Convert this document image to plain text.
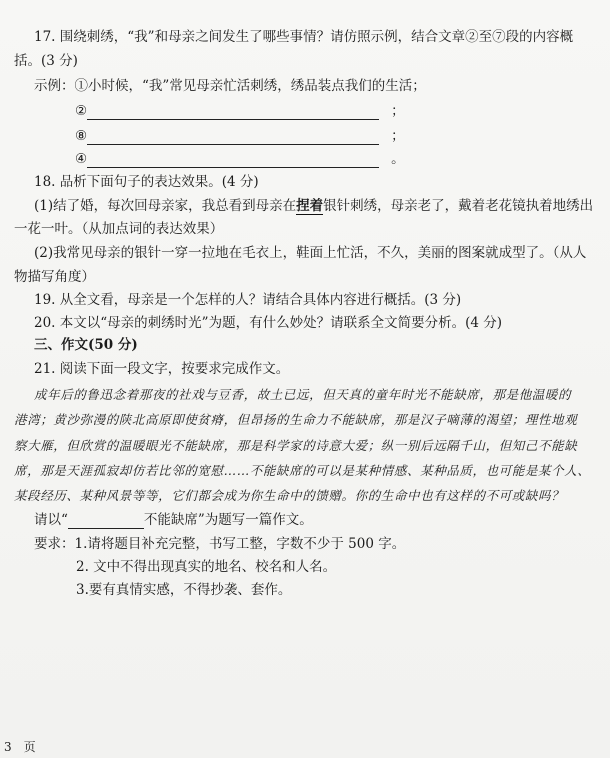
17. 围绕刺绣，“我”和母亲之间发生了哪些事情？请仿照示例，结合文章②至⑦段的内容概
括。(3 分)
示例：①小时候，“我”常见母亲忙活刺绣，绣品装点我们的生活；
②	；
⑧	；
④	。
18. 品析下面句子的表达效果。(4 分)
(1)结了婚，每次回母亲家，我总看到母亲在捏着银针刺绣，母亲老了，戴着老花镜执着地绣出
一花一叶。（从加点词的表达效果）
(2)我常见母亲的银针一穿一拉地在毛衣上，鞋面上忙活，不久，美丽的图案就成型了。（从人
物描写角度）
19. 从全文看，母亲是一个怎样的人？请结合具体内容进行概括。(3 分)
20. 本文以“母亲的刺绣时光”为题，有什么妙处？请联系全文简要分析。(4 分)
三、作文(50 分)
21. 阅读下面一段文字，按要求完成作文。
成年后的鲁迅念着那夜的社戏与豆香，故土已远，但天真的童年时光不能缺席，那是他温暖的
港湾；黄沙弥漫的陕北高原即使贫瘠，但昂扬的生命力不能缺席，那是汉子嘀薄的渴望；理性地观
察大雁，但欣赏的温暖眼光不能缺席，那是科学家的诗意大爱；纵一别后远隔千山，但知己不能缺
席，那是天涯孤寂却仿若比邻的宽慰……不能缺席的可以是某种情感、某种品质，也可能是某个人、
某段经历、某种风景等等，它们都会成为你生命中的馈赠。你的生命中也有这样的不可或缺吗？
请以“	不能缺席”为题写一篇作文。
要求：1.请将题目补充完整，书写工整，字数不少于 500 字。
2. 文中不得出现真实的地名、校名和人名。
3.要有真情实感，不得抄袭、套作。
3 页
